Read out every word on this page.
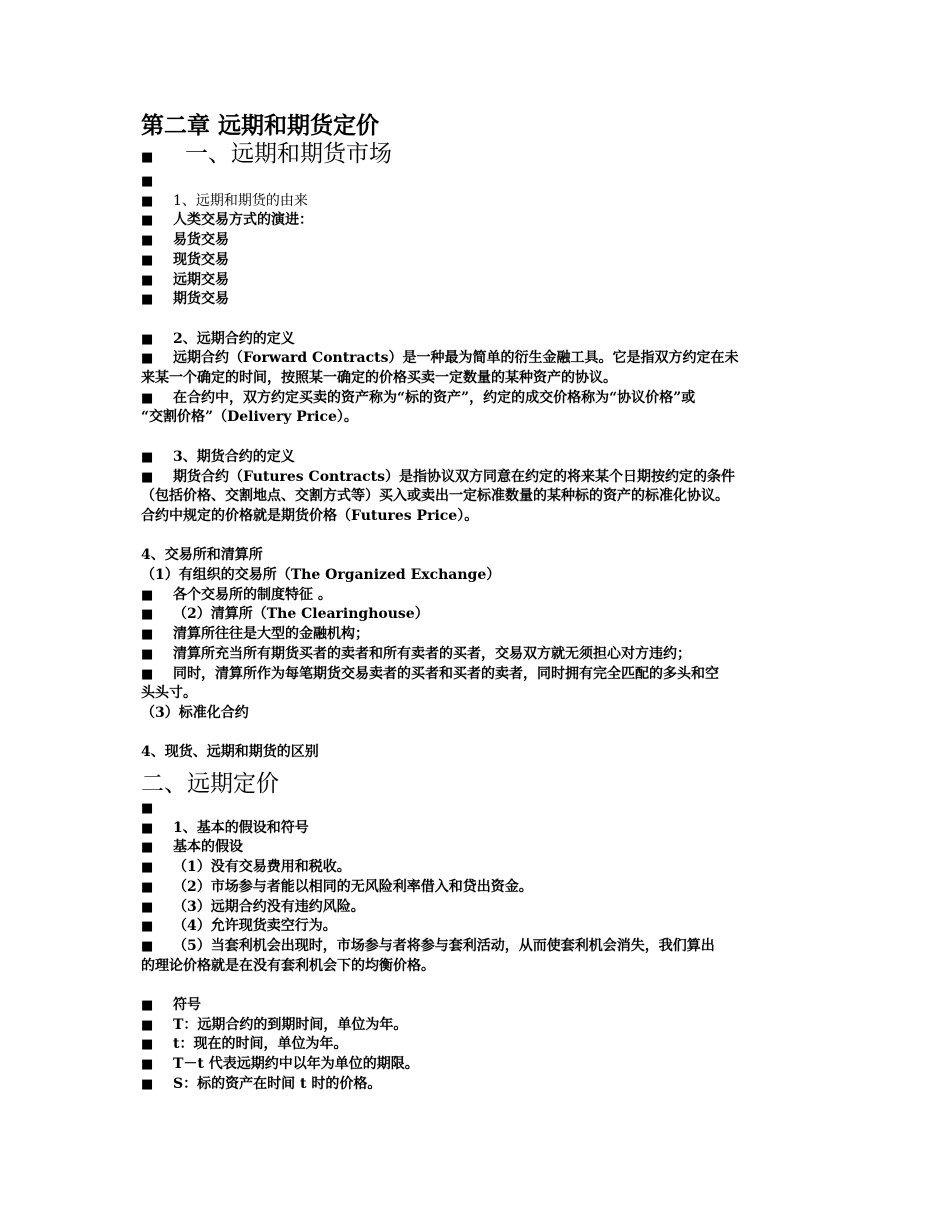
第二章 远期和期货定价
■ 一、远期和期货市场
■
■ 1、远期和期货的由来
■ 人类交易方式的演进：
■ 易货交易
■ 现货交易
■ 远期交易
■ 期货交易
■ 2、远期合约的定义
■ 远期合约（Forward Contracts）是一种最为简单的衍生金融工具。它是指双方约定在未
来某一个确定的时间，按照某一确定的价格买卖一定数量的某种资产的协议。
■ 在合约中，双方约定买卖的资产称为“标的资产”，约定的成交价格称为“协议价格”或
“交割价格”（Delivery Price）。
■ 3、期货合约的定义
■ 期货合约（Futures Contracts）是指协议双方同意在约定的将来某个日期按约定的条件
（包括价格、交割地点、交割方式等）买入或卖出一定标准数量的某种标的资产的标准化协议。
合约中规定的价格就是期货价格（Futures Price）。
4、交易所和清算所
（1）有组织的交易所（The Organized Exchange）
■ 各个交易所的制度特征 。
■ （2）清算所（The Clearinghouse）
■ 清算所往往是大型的金融机构；
■ 清算所充当所有期货买者的卖者和所有卖者的买者，交易双方就无须担心对方违约；
■ 同时，清算所作为每笔期货交易卖者的买者和买者的卖者，同时拥有完全匹配的多头和空
头头寸。
（3）标准化合约
4、现货、远期和期货的区别
二、远期定价
■
■ 1、基本的假设和符号
■ 基本的假设
■ （1）没有交易费用和税收。
■ （2）市场参与者能以相同的无风险利率借入和贷出资金。
■ （3）远期合约没有违约风险。
■ （4）允许现货卖空行为。
■ （5）当套利机会出现时，市场参与者将参与套利活动，从而使套利机会消失，我们算出
的理论价格就是在没有套利机会下的均衡价格。
■ 符号
■ T：远期合约的到期时间，单位为年。
■ t：现在的时间，单位为年。
■ T－t 代表远期约中以年为单位的期限。
■ S：标的资产在时间 t 时的价格。
